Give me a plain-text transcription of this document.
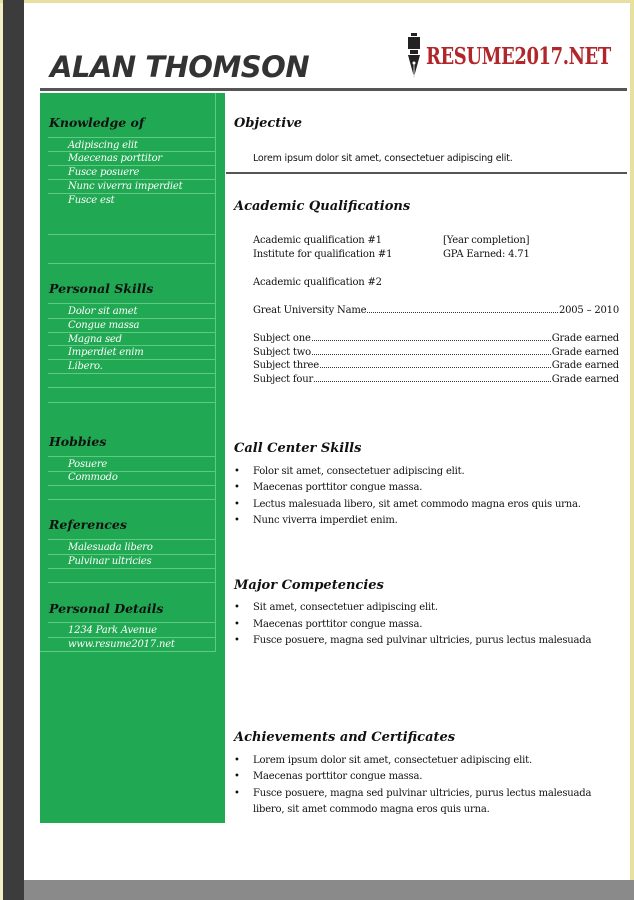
ALAN THOMSON	RESUME2017.NET
Knowledge of
Adipiscing elit
Maecenas porttitor
Fusce posuere
Nunc viverra imperdiet
Fusce est
Personal Skills
Dolor sit amet
Congue massa
Magna sed
Imperdiet enim
Libero.
Hobbies
Posuere
Commodo
References
Malesuada libero
Pulvinar ultricies
Personal Details
1234 Park Avenue
www.resume2017.net
Objective
Lorem ipsum dolor sit amet, consectetuer adipiscing elit.
Academic Qualifications
Academic qualification #1	[Year completion]
Institute for qualification #1	GPA Earned: 4.71
Academic qualification #2
Great University Name	2005 – 2010
Subject one	Grade earned
Subject two	Grade earned
Subject three	Grade earned
Subject four	Grade earned
Call Center Skills
• Folor sit amet, consectetuer adipiscing elit.
• Maecenas porttitor congue massa.
• Lectus malesuada libero, sit amet commodo magna eros quis urna.
• Nunc viverra imperdiet enim.
Major Competencies
• Sit amet, consectetuer adipiscing elit.
• Maecenas porttitor congue massa.
• Fusce posuere, magna sed pulvinar ultricies, purus lectus malesuada
Achievements and Certificates
• Lorem ipsum dolor sit amet, consectetuer adipiscing elit.
• Maecenas porttitor congue massa.
• Fusce posuere, magna sed pulvinar ultricies, purus lectus malesuada
libero, sit amet commodo magna eros quis urna.
